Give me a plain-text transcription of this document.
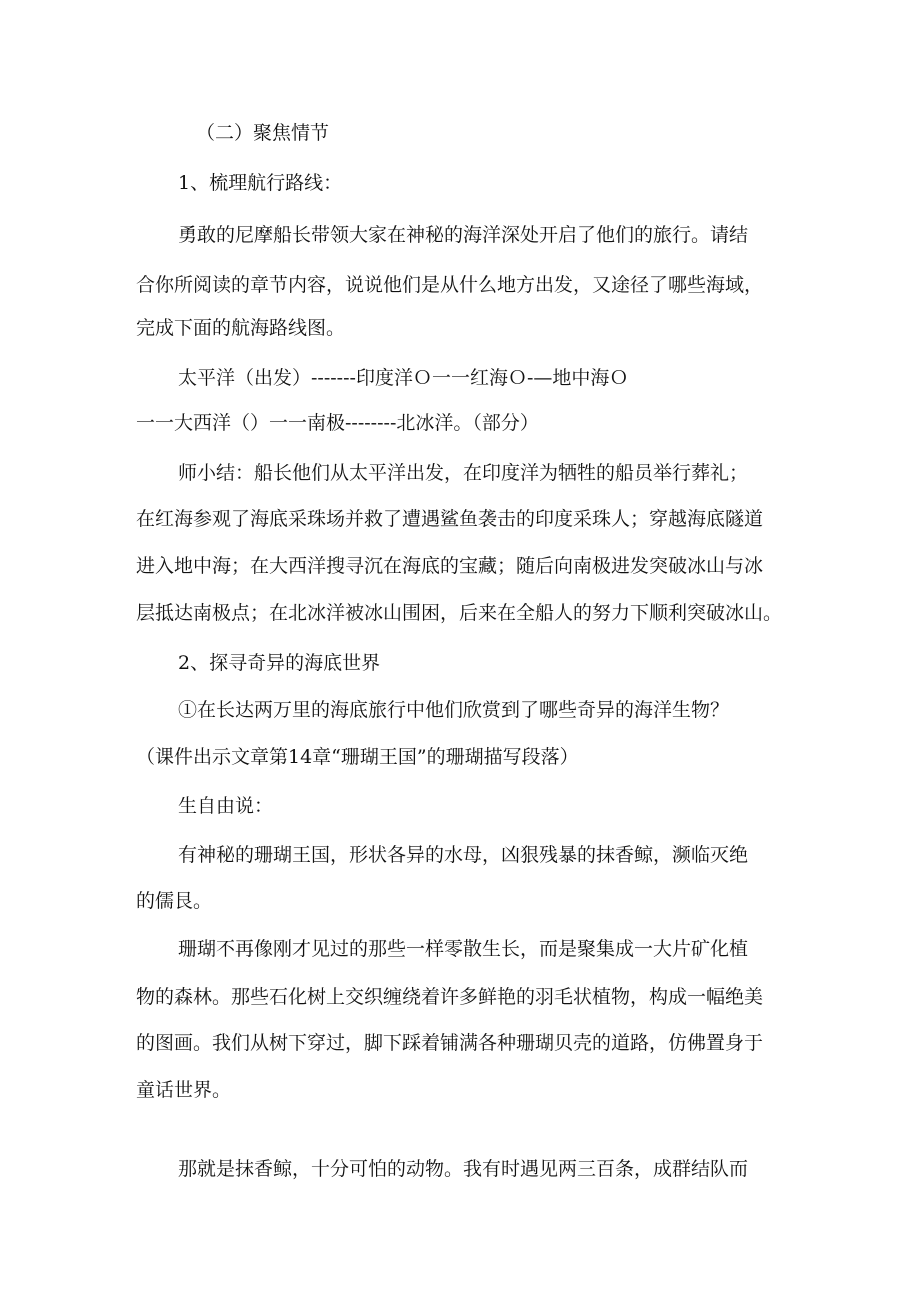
（二）聚焦情节
1、梳理航行路线：
勇敢的尼摩船长带领大家在神秘的海洋深处开启了他们的旅行。请结
合你所阅读的章节内容，说说他们是从什么地方出发，又途径了哪些海域，
完成下面的航海路线图。
太平洋（出发）-------印度洋Ｏ一一红海Ｏ-—地中海Ｏ
一一大西洋（）一一南极--------北冰洋。（部分）
师小结：船长他们从太平洋出发，在印度洋为牺牲的船员举行葬礼；
在红海参观了海底采珠场并救了遭遇鲨鱼袭击的印度采珠人；穿越海底隧道
进入地中海；在大西洋搜寻沉在海底的宝藏；随后向南极进发突破冰山与冰
层抵达南极点；在北冰洋被冰山围困，后来在全船人的努力下顺利突破冰山。
2、探寻奇异的海底世界
①在长达两万里的海底旅行中他们欣赏到了哪些奇异的海洋生物？
（课件出示文章第14章“珊瑚王国”的珊瑚描写段落）
生自由说：
有神秘的珊瑚王国，形状各异的水母，凶狠残暴的抹香鲸，濒临灭绝
的儒艮。
珊瑚不再像刚才见过的那些一样零散生长，而是聚集成一大片矿化植
物的森林。那些石化树上交织缠绕着许多鲜艳的羽毛状植物，构成一幅绝美
的图画。我们从树下穿过，脚下踩着铺满各种珊瑚贝壳的道路，仿佛置身于
童话世界。
那就是抹香鲸，十分可怕的动物。我有时遇见两三百条，成群结队而
